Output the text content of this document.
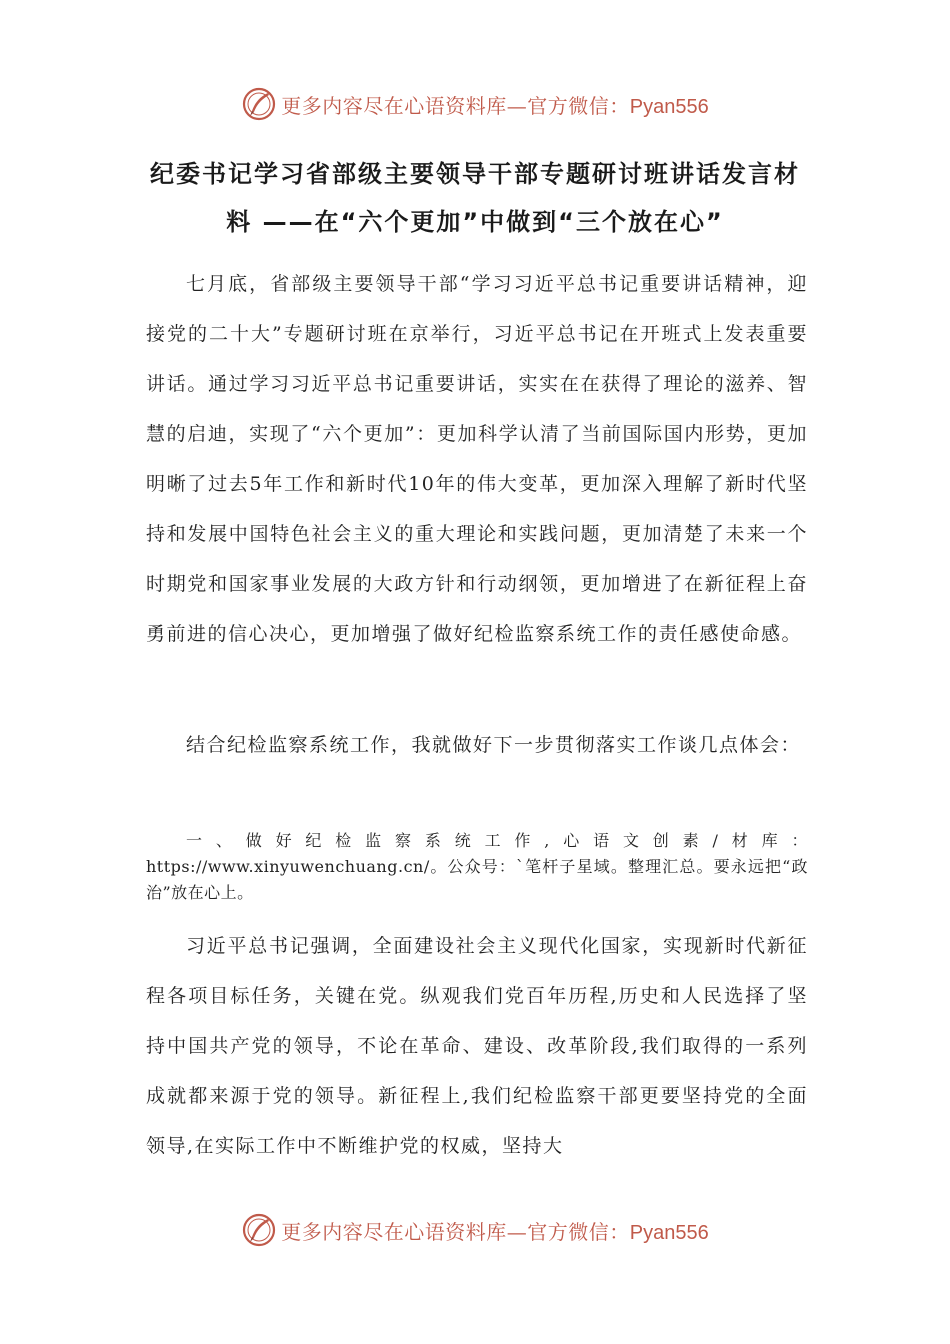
更多内容尽在心语资料库—官方微信：Pyan556
纪委书记学习省部级主要领导干部专题研讨班讲话发言材料 ——在“六个更加”中做到“三个放在心”

七月底，省部级主要领导干部“学习习近平总书记重要讲话精神，迎接党的二十大”专题研讨班在京举行，习近平总书记在开班式上发表重要讲话。通过学习习近平总书记重要讲话，实实在在获得了理论的滋养、智慧的启迪，实现了“六个更加”：更加科学认清了当前国际国内形势，更加明晰了过去5年工作和新时代10年的伟大变革，更加深入理解了新时代坚持和发展中国特色社会主义的重大理论和实践问题，更加清楚了未来一个时期党和国家事业发展的大政方针和行动纲领，更加增进了在新征程上奋勇前进的信心决心，更加增强了做好纪检监察系统工作的责任感使命感。

结合纪检监察系统工作，我就做好下一步贯彻落实工作谈几点体会：

一、做好纪检监察系统工作,心语文创素/材库：https://www.xinyuwenchuang.cn/。公众号：`笔杆子星域。整理汇总。要永远把“政治”放在心上。

习近平总书记强调，全面建设社会主义现代化国家，实现新时代新征程各项目标任务，关键在党。纵观我们党百年历程,历史和人民选择了坚持中国共产党的领导，不论在革命、建设、改革阶段,我们取得的一系列成就都来源于党的领导。新征程上,我们纪检监察干部更要坚持党的全面领导,在实际工作中不断维护党的权威，坚持大

更多内容尽在心语资料库—官方微信：Pyan556
